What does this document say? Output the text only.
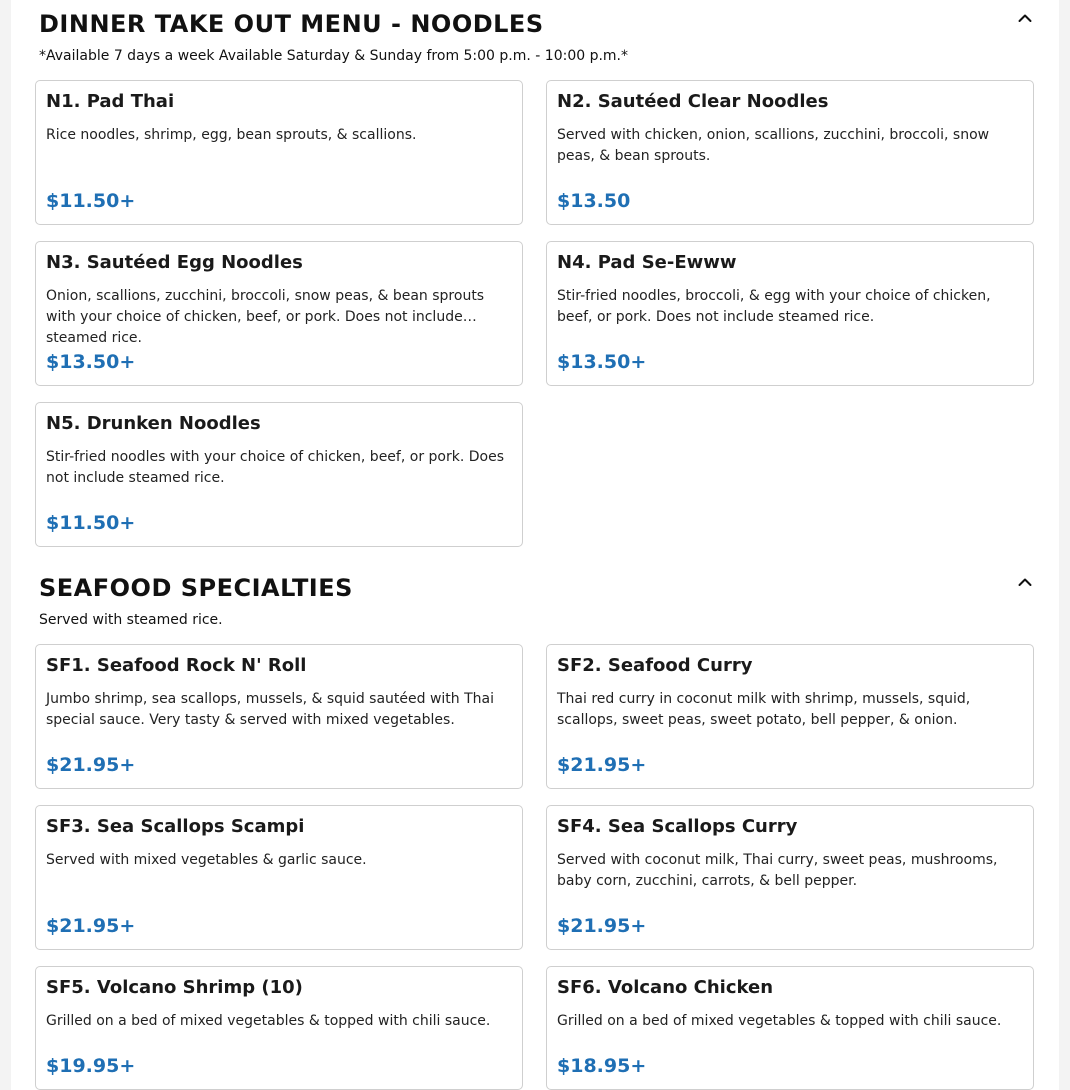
DINNER TAKE OUT MENU - NOODLES
*Available 7 days a week Available Saturday & Sunday from 5:00 p.m. - 10:00 p.m.*
N1. Pad Thai
Rice noodles, shrimp, egg, bean sprouts, & scallions.
$11.50+
N2. Sautéed Clear Noodles
Served with chicken, onion, scallions, zucchini, broccoli, snow peas, & bean sprouts.
$13.50
N3. Sautéed Egg Noodles
Onion, scallions, zucchini, broccoli, snow peas, & bean sprouts with your choice of chicken, beef, or pork. Does not include steamed rice.
$13.50+
N4. Pad Se-Ewww
Stir-fried noodles, broccoli, & egg with your choice of chicken, beef, or pork. Does not include steamed rice.
$13.50+
N5. Drunken Noodles
Stir-fried noodles with your choice of chicken, beef, or pork. Does not include steamed rice.
$11.50+
SEAFOOD SPECIALTIES
Served with steamed rice.
SF1. Seafood Rock N' Roll
Jumbo shrimp, sea scallops, mussels, & squid sautéed with Thai special sauce. Very tasty & served with mixed vegetables.
$21.95+
SF2. Seafood Curry
Thai red curry in coconut milk with shrimp, mussels, squid, scallops, sweet peas, sweet potato, bell pepper, & onion.
$21.95+
SF3. Sea Scallops Scampi
Served with mixed vegetables & garlic sauce.
$21.95+
SF4. Sea Scallops Curry
Served with coconut milk, Thai curry, sweet peas, mushrooms, baby corn, zucchini, carrots, & bell pepper.
$21.95+
SF5. Volcano Shrimp (10)
Grilled on a bed of mixed vegetables & topped with chili sauce.
$19.95+
SF6. Volcano Chicken
Grilled on a bed of mixed vegetables & topped with chili sauce.
$18.95+
